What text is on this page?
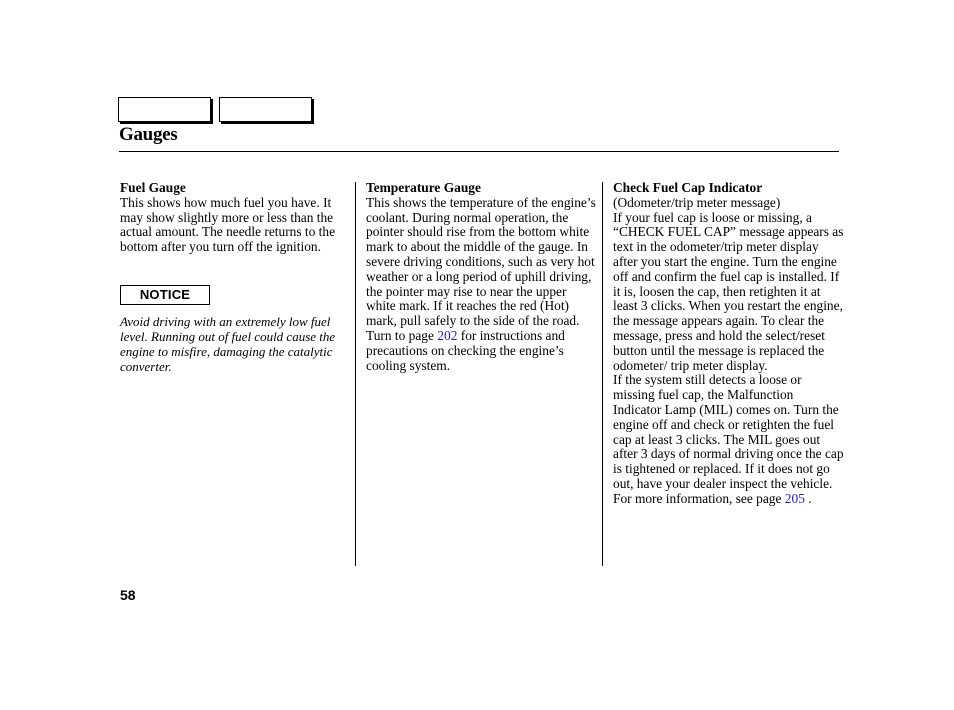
Gauges
Fuel Gauge

This shows how much fuel you have. It may show slightly more or less than the actual amount. The needle returns to the bottom after you turn off the ignition.

NOTICE
Avoid driving with an extremely low fuel level. Running out of fuel could cause the engine to misfire, damaging the catalytic converter.
Temperature Gauge

This shows the temperature of the engine’s coolant. During normal operation, the pointer should rise from the bottom white mark to about the middle of the gauge. In severe driving conditions, such as very hot weather or a long period of uphill driving, the pointer may rise to near the upper white mark. If it reaches the red (Hot) mark, pull safely to the side of the road. Turn to page 202 for instructions and precautions on checking the engine’s cooling system.

Check Fuel Cap Indicator

(Odometer/trip meter message)

If your fuel cap is loose or missing, a “CHECK FUEL CAP” message appears as text in the odometer/trip meter display after you start the engine. Turn the engine off and confirm the fuel cap is installed. If it is, loosen the cap, then retighten it at least 3 clicks. When you restart the engine, the message appears again. To clear the message, press and hold the select/reset button until the message is replaced the odometer/ trip meter display.

If the system still detects a loose or missing fuel cap, the Malfunction Indicator Lamp (MIL) comes on. Turn the engine off and check or retighten the fuel cap at least 3 clicks. The MIL goes out after 3 days of normal driving once the cap is tightened or replaced. If it does not go out, have your dealer inspect the vehicle. For more information, see page 205 .

58
